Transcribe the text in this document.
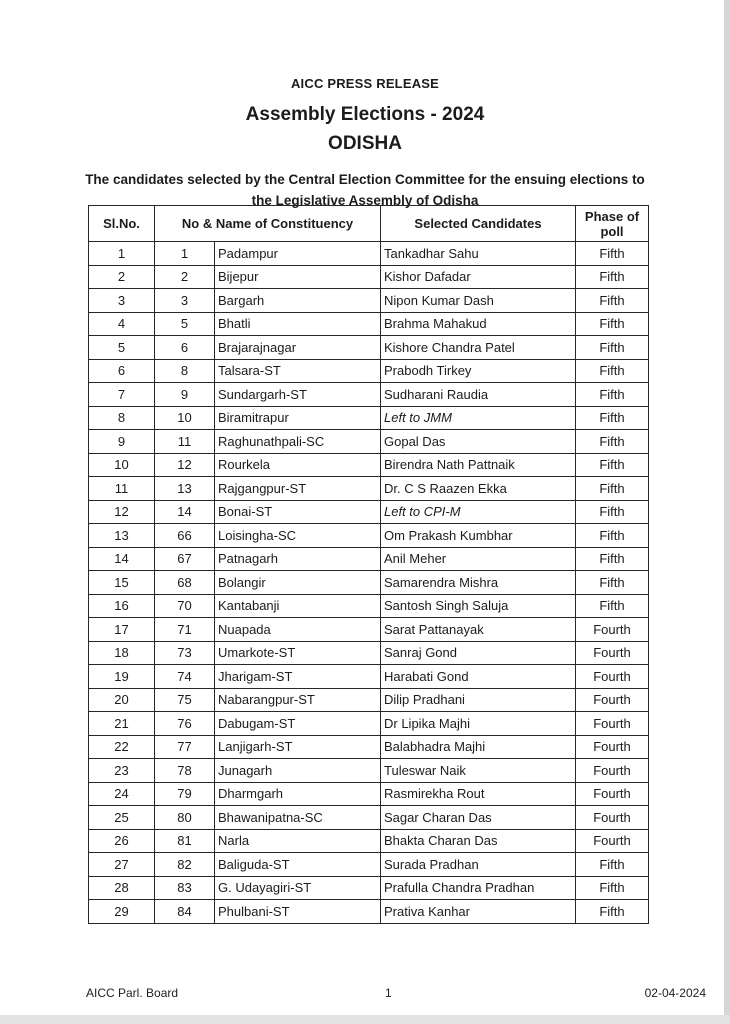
AICC PRESS RELEASE
Assembly Elections - 2024
ODISHA
The candidates selected by the Central Election Committee for the ensuing elections to the Legislative Assembly of Odisha
Sl.No.	No & Name of Constituency		Selected Candidates	Phase of poll
1	1	Padampur	Tankadhar Sahu	Fifth
2	2	Bijepur	Kishor Dafadar	Fifth
3	3	Bargarh	Nipon Kumar Dash	Fifth
4	5	Bhatli	Brahma Mahakud	Fifth
5	6	Brajarajnagar	Kishore Chandra Patel	Fifth
6	8	Talsara-ST	Prabodh Tirkey	Fifth
7	9	Sundargarh-ST	Sudharani Raudia	Fifth
8	10	Biramitrapur	Left to JMM	Fifth
9	11	Raghunathpali-SC	Gopal Das	Fifth
10	12	Rourkela	Birendra Nath Pattnaik	Fifth
11	13	Rajgangpur-ST	Dr. C S Raazen Ekka	Fifth
12	14	Bonai-ST	Left to CPI-M	Fifth
13	66	Loisingha-SC	Om Prakash Kumbhar	Fifth
14	67	Patnagarh	Anil Meher	Fifth
15	68	Bolangir	Samarendra Mishra	Fifth
16	70	Kantabanji	Santosh Singh Saluja	Fifth
17	71	Nuapada	Sarat Pattanayak	Fourth
18	73	Umarkote-ST	Sanraj Gond	Fourth
19	74	Jharigam-ST	Harabati Gond	Fourth
20	75	Nabarangpur-ST	Dilip Pradhani	Fourth
21	76	Dabugam-ST	Dr Lipika Majhi	Fourth
22	77	Lanjigarh-ST	Balabhadra Majhi	Fourth
23	78	Junagarh	Tuleswar Naik	Fourth
24	79	Dharmgarh	Rasmirekha Rout	Fourth
25	80	Bhawanipatna-SC	Sagar Charan Das	Fourth
26	81	Narla	Bhakta Charan Das	Fourth
27	82	Baliguda-ST	Surada Pradhan	Fifth
28	83	G. Udayagiri-ST	Prafulla Chandra Pradhan	Fifth
29	84	Phulbani-ST	Prativa Kanhar	Fifth
AICC Parl. Board	1	02-04-2024
